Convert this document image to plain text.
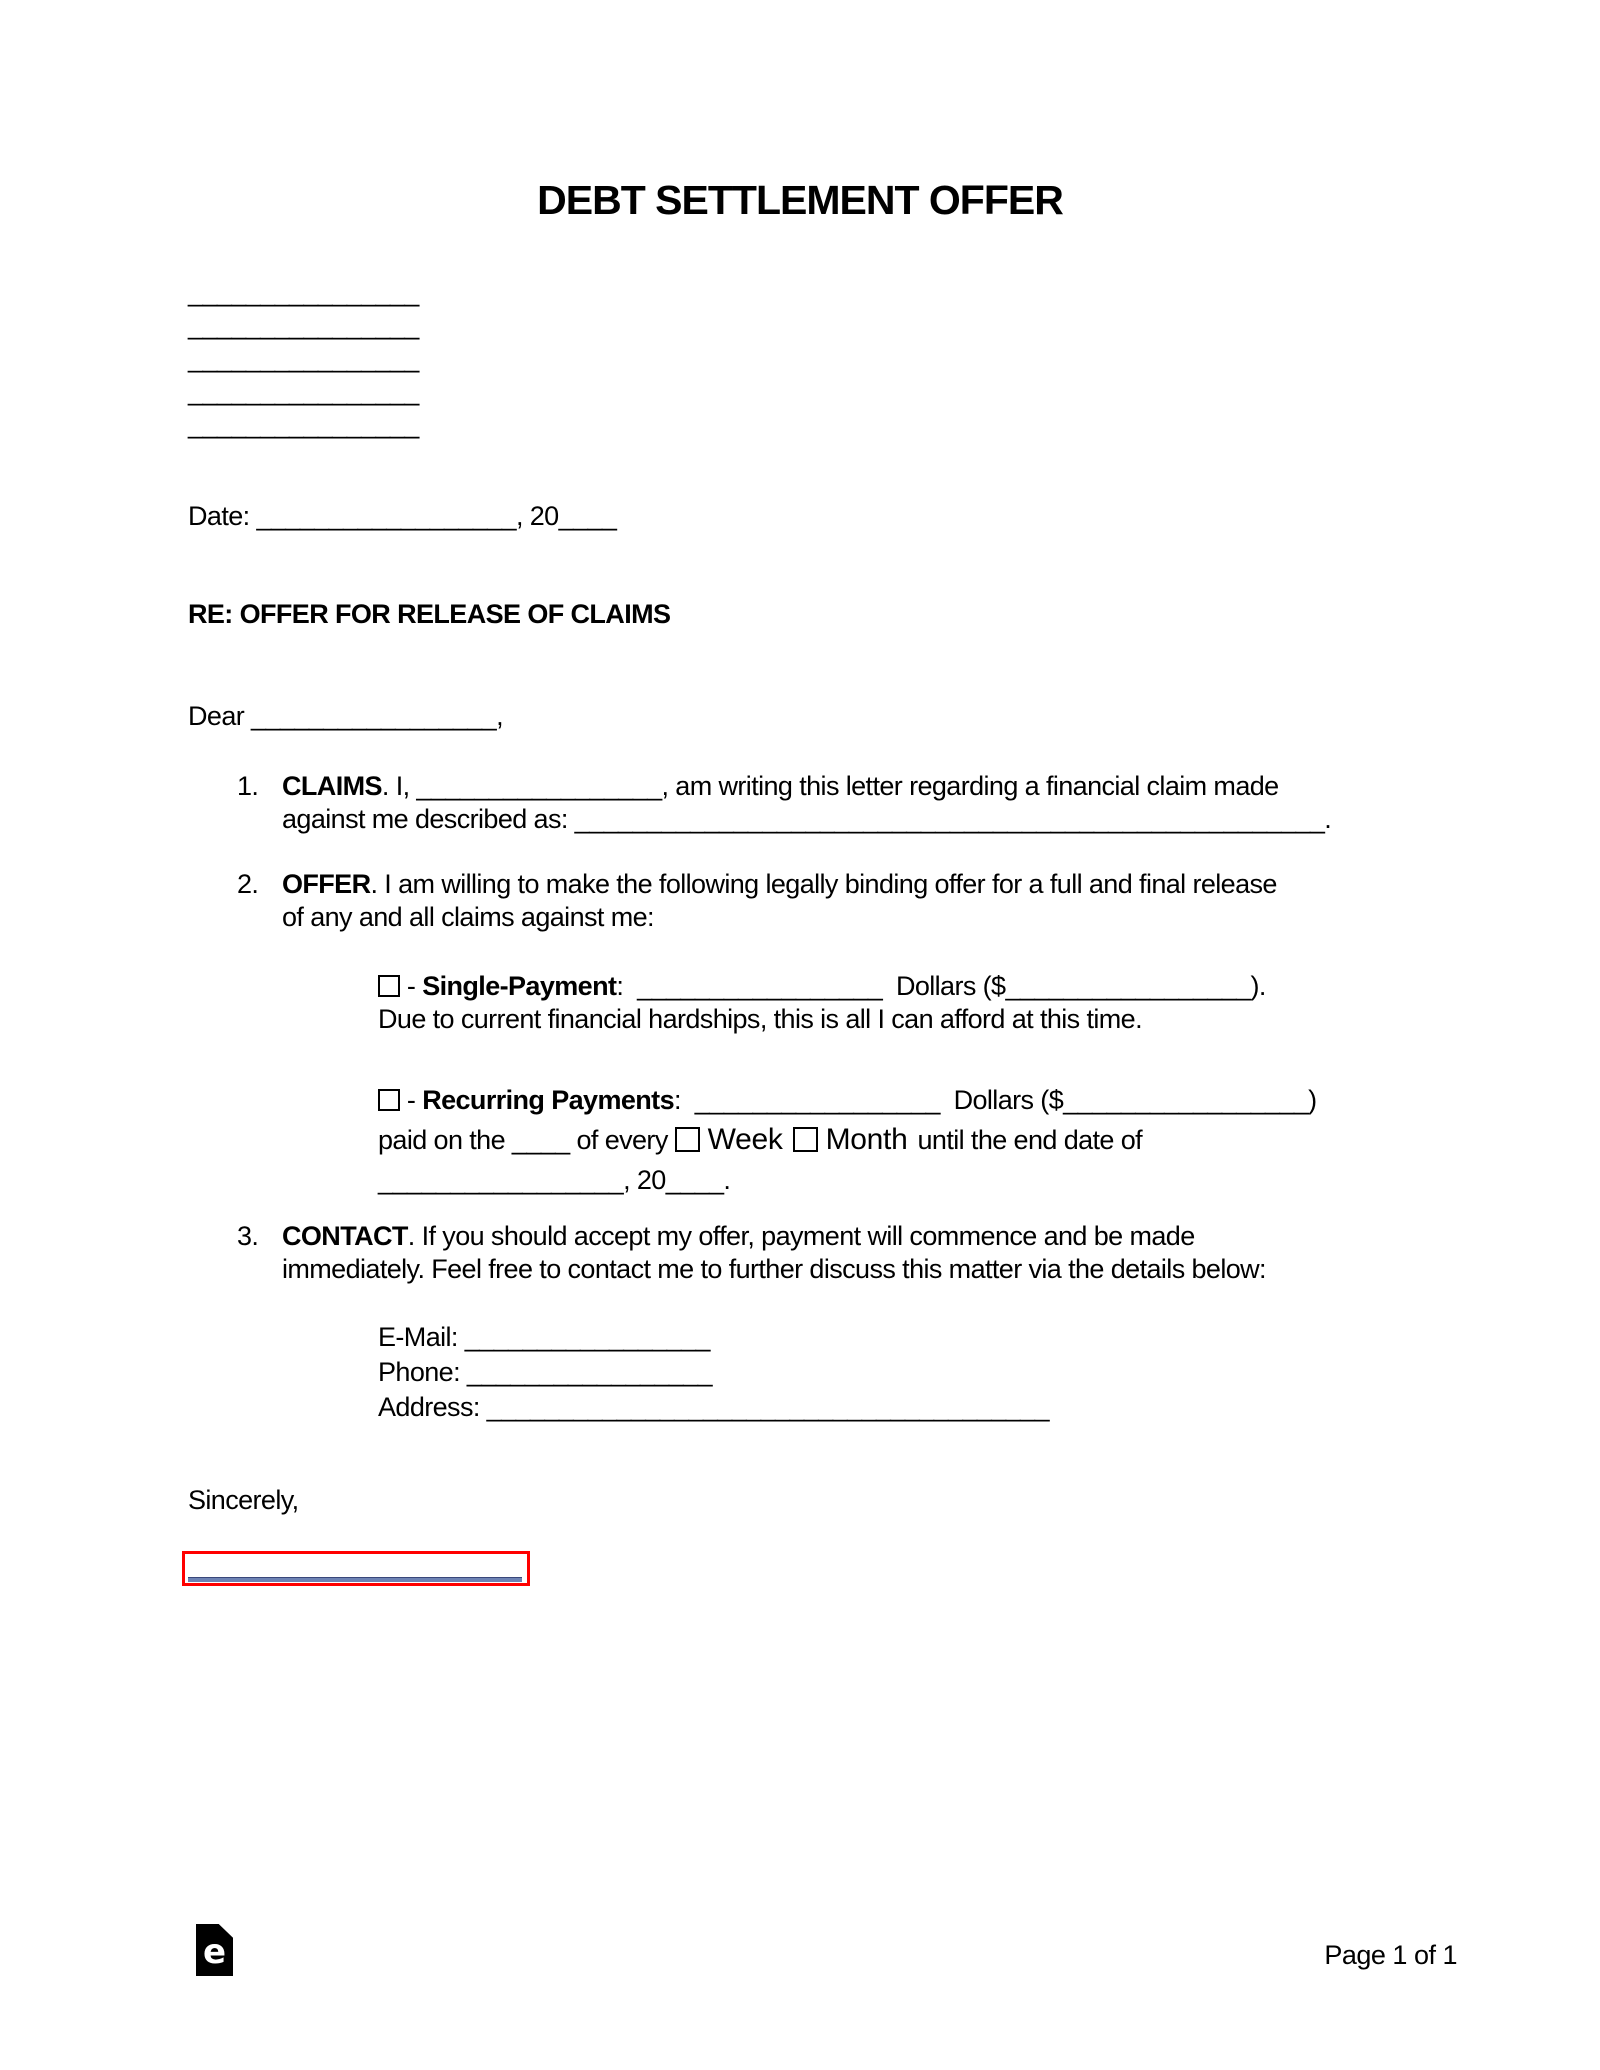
DEBT SETTLEMENT OFFER
________________
________________
________________
________________
________________
Date: __________________, 20____
RE: OFFER FOR RELEASE OF CLAIMS
Dear _________________,
1. CLAIMS. I, _________________, am writing this letter regarding a financial claim made
against me described as: ____________________________________________________.
2. OFFER. I am willing to make the following legally binding offer for a full and final release
of any and all claims against me:
- Single-Payment:  _________________  Dollars ($_________________).
Due to current financial hardships, this is all I can afford at this time.
- Recurring Payments:  _________________  Dollars ($_________________)
paid on the ____ of every Week Month until the end date of
_________________, 20____.
3. CONTACT. If you should accept my offer, payment will commence and be made
immediately. Feel free to contact me to further discuss this matter via the details below:
E-Mail: _________________
Phone: _________________
Address: _______________________________________
Sincerely,
e	Page 1 of 1
